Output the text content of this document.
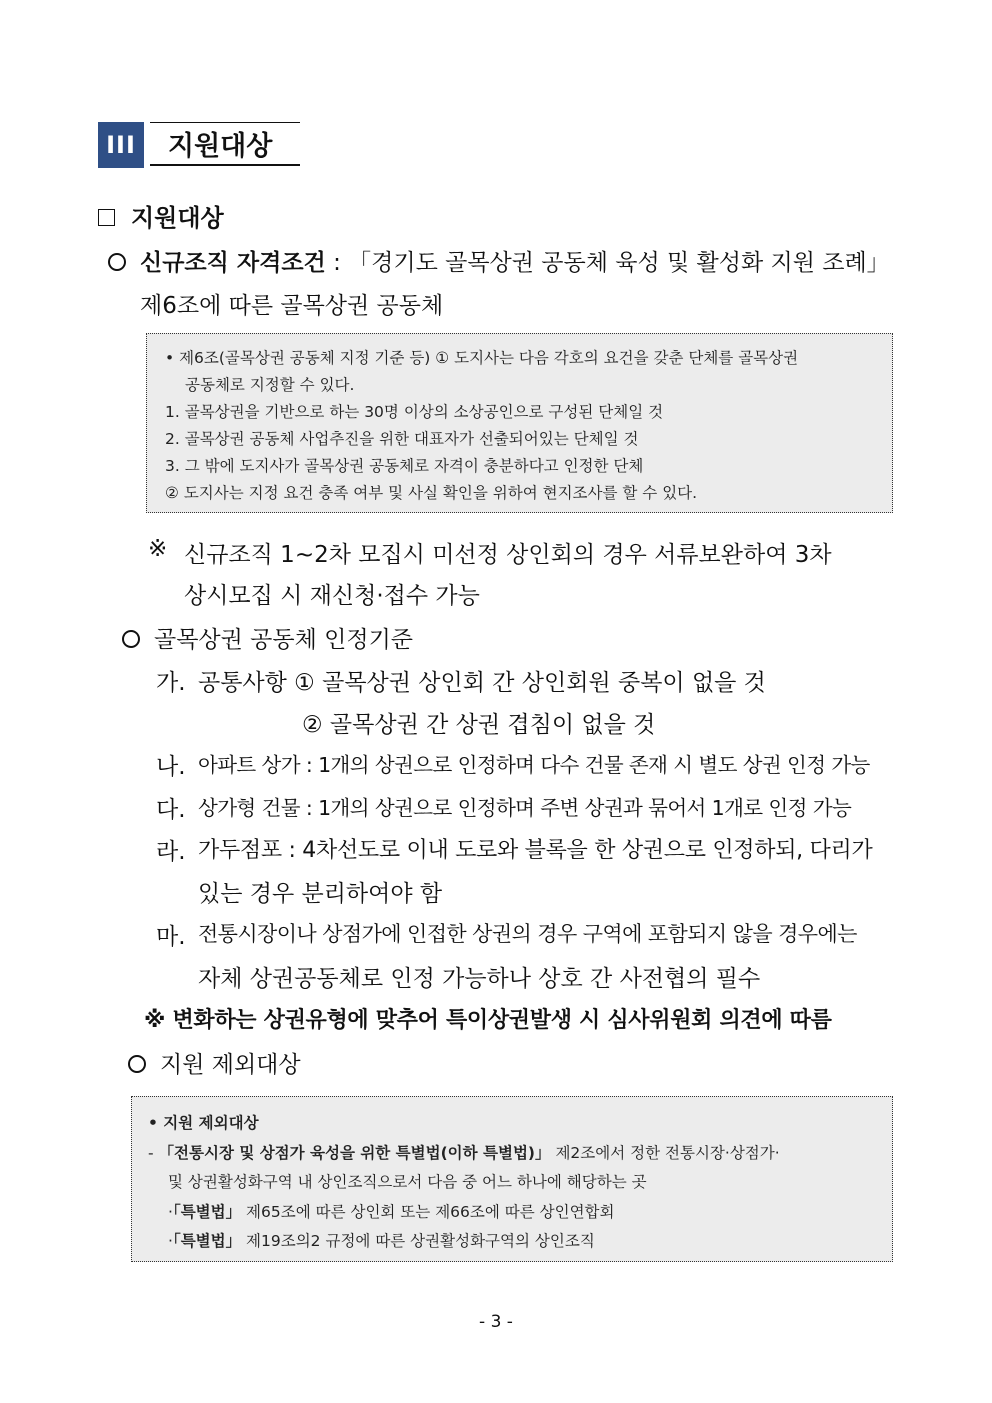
III	지원대상
지원대상
신규조직 자격조건 : 「경기도 골목상권 공동체 육성 및 활성화 지원 조례」
제6조에 따른 골목상권 공동체
• 제6조(골목상권 공동체 지정 기준 등) ① 도지사는 다음 각호의 요건을 갖춘 단체를 골목상권
공동체로 지정할 수 있다.
1. 골목상권을 기반으로 하는 30명 이상의 소상공인으로 구성된 단체일 것
2. 골목상권 공동체 사업추진을 위한 대표자가 선출되어있는 단체일 것
3. 그 밖에 도지사가 골목상권 공동체로 자격이 충분하다고 인정한 단체
② 도지사는 지정 요건 충족 여부 및 사실 확인을 위하여 현지조사를 할 수 있다.
※ 신규조직 1~2차 모집시 미선정 상인회의 경우 서류보완하여 3차
상시모집 시 재신청·접수 가능
골목상권 공동체 인정기준
가. 공통사항 ① 골목상권 상인회 간 상인회원 중복이 없을 것
② 골목상권 간 상권 겹침이 없을 것
나. 아파트 상가 : 1개의 상권으로 인정하며 다수 건물 존재 시 별도 상권 인정 가능
다. 상가형 건물 : 1개의 상권으로 인정하며 주변 상권과 묶어서 1개로 인정 가능
라. 가두점포 : 4차선도로 이내 도로와 블록을 한 상권으로 인정하되, 다리가
있는 경우 분리하여야 함
마. 전통시장이나 상점가에 인접한 상권의 경우 구역에 포함되지 않을 경우에는
자체 상권공동체로 인정 가능하나 상호 간 사전협의 필수
※ 변화하는 상권유형에 맞추어 특이상권발생 시 심사위원회 의견에 따름
지원 제외대상
• 지원 제외대상
- 「전통시장 및 상점가 육성을 위한 특별법(이하 특별법)」 제2조에서 정한 전통시장·상점가·
및 상권활성화구역 내 상인조직으로서 다음 중 어느 하나에 해당하는 곳
·「특별법」 제65조에 따른 상인회 또는 제66조에 따른 상인연합회
·「특별법」 제19조의2 규정에 따른 상권활성화구역의 상인조직
- 3 -
